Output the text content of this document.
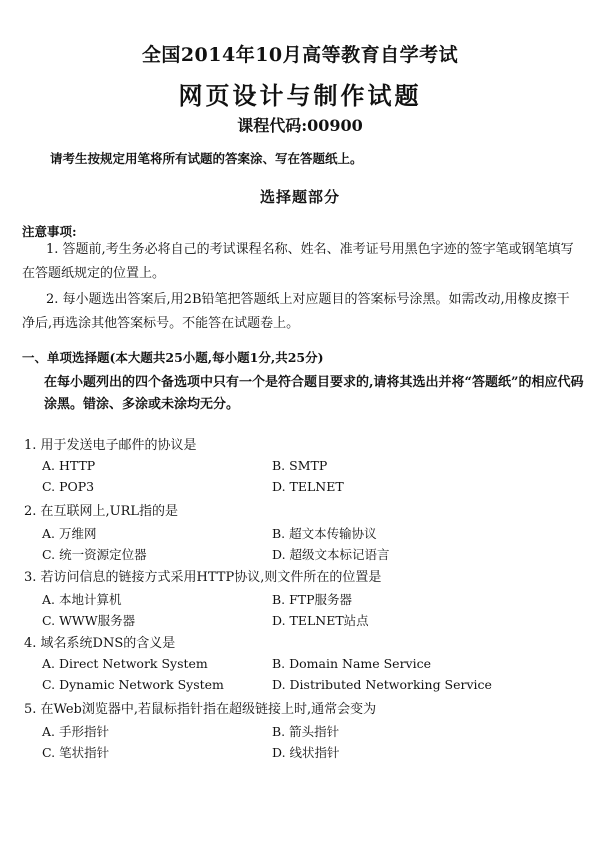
全国2014年10月高等教育自学考试
网页设计与制作试题
课程代码:00900
请考生按规定用笔将所有试题的答案涂、写在答题纸上。
选择题部分
注意事项:
1. 答题前,考生务必将自己的考试课程名称、姓名、准考证号用黑色字迹的签字笔或钢笔填写在答题纸规定的位置上。
2. 每小题选出答案后,用2B铅笔把答题纸上对应题目的答案标号涂黑。如需改动,用橡皮擦干净后,再选涂其他答案标号。不能答在试题卷上。
一、单项选择题(本大题共25小题,每小题1分,共25分)
在每小题列出的四个备选项中只有一个是符合题目要求的,请将其选出并将“答题纸”的相应代码涂黑。错涂、多涂或未涂均无分。
1. 用于发送电子邮件的协议是
A. HTTP	B. SMTP
C. POP3	D. TELNET
2. 在互联网上,URL指的是
A. 万维网	B. 超文本传输协议
C. 统一资源定位器	D. 超级文本标记语言
3. 若访问信息的链接方式采用HTTP协议,则文件所在的位置是
A. 本地计算机	B. FTP服务器
C. WWW服务器	D. TELNET站点
4. 域名系统DNS的含义是
A. Direct Network System	B. Domain Name Service
C. Dynamic Network System	D. Distributed Networking Service
5. 在Web浏览器中,若鼠标指针指在超级链接上时,通常会变为
A. 手形指针	B. 箭头指针
C. 笔状指针	D. 线状指针
